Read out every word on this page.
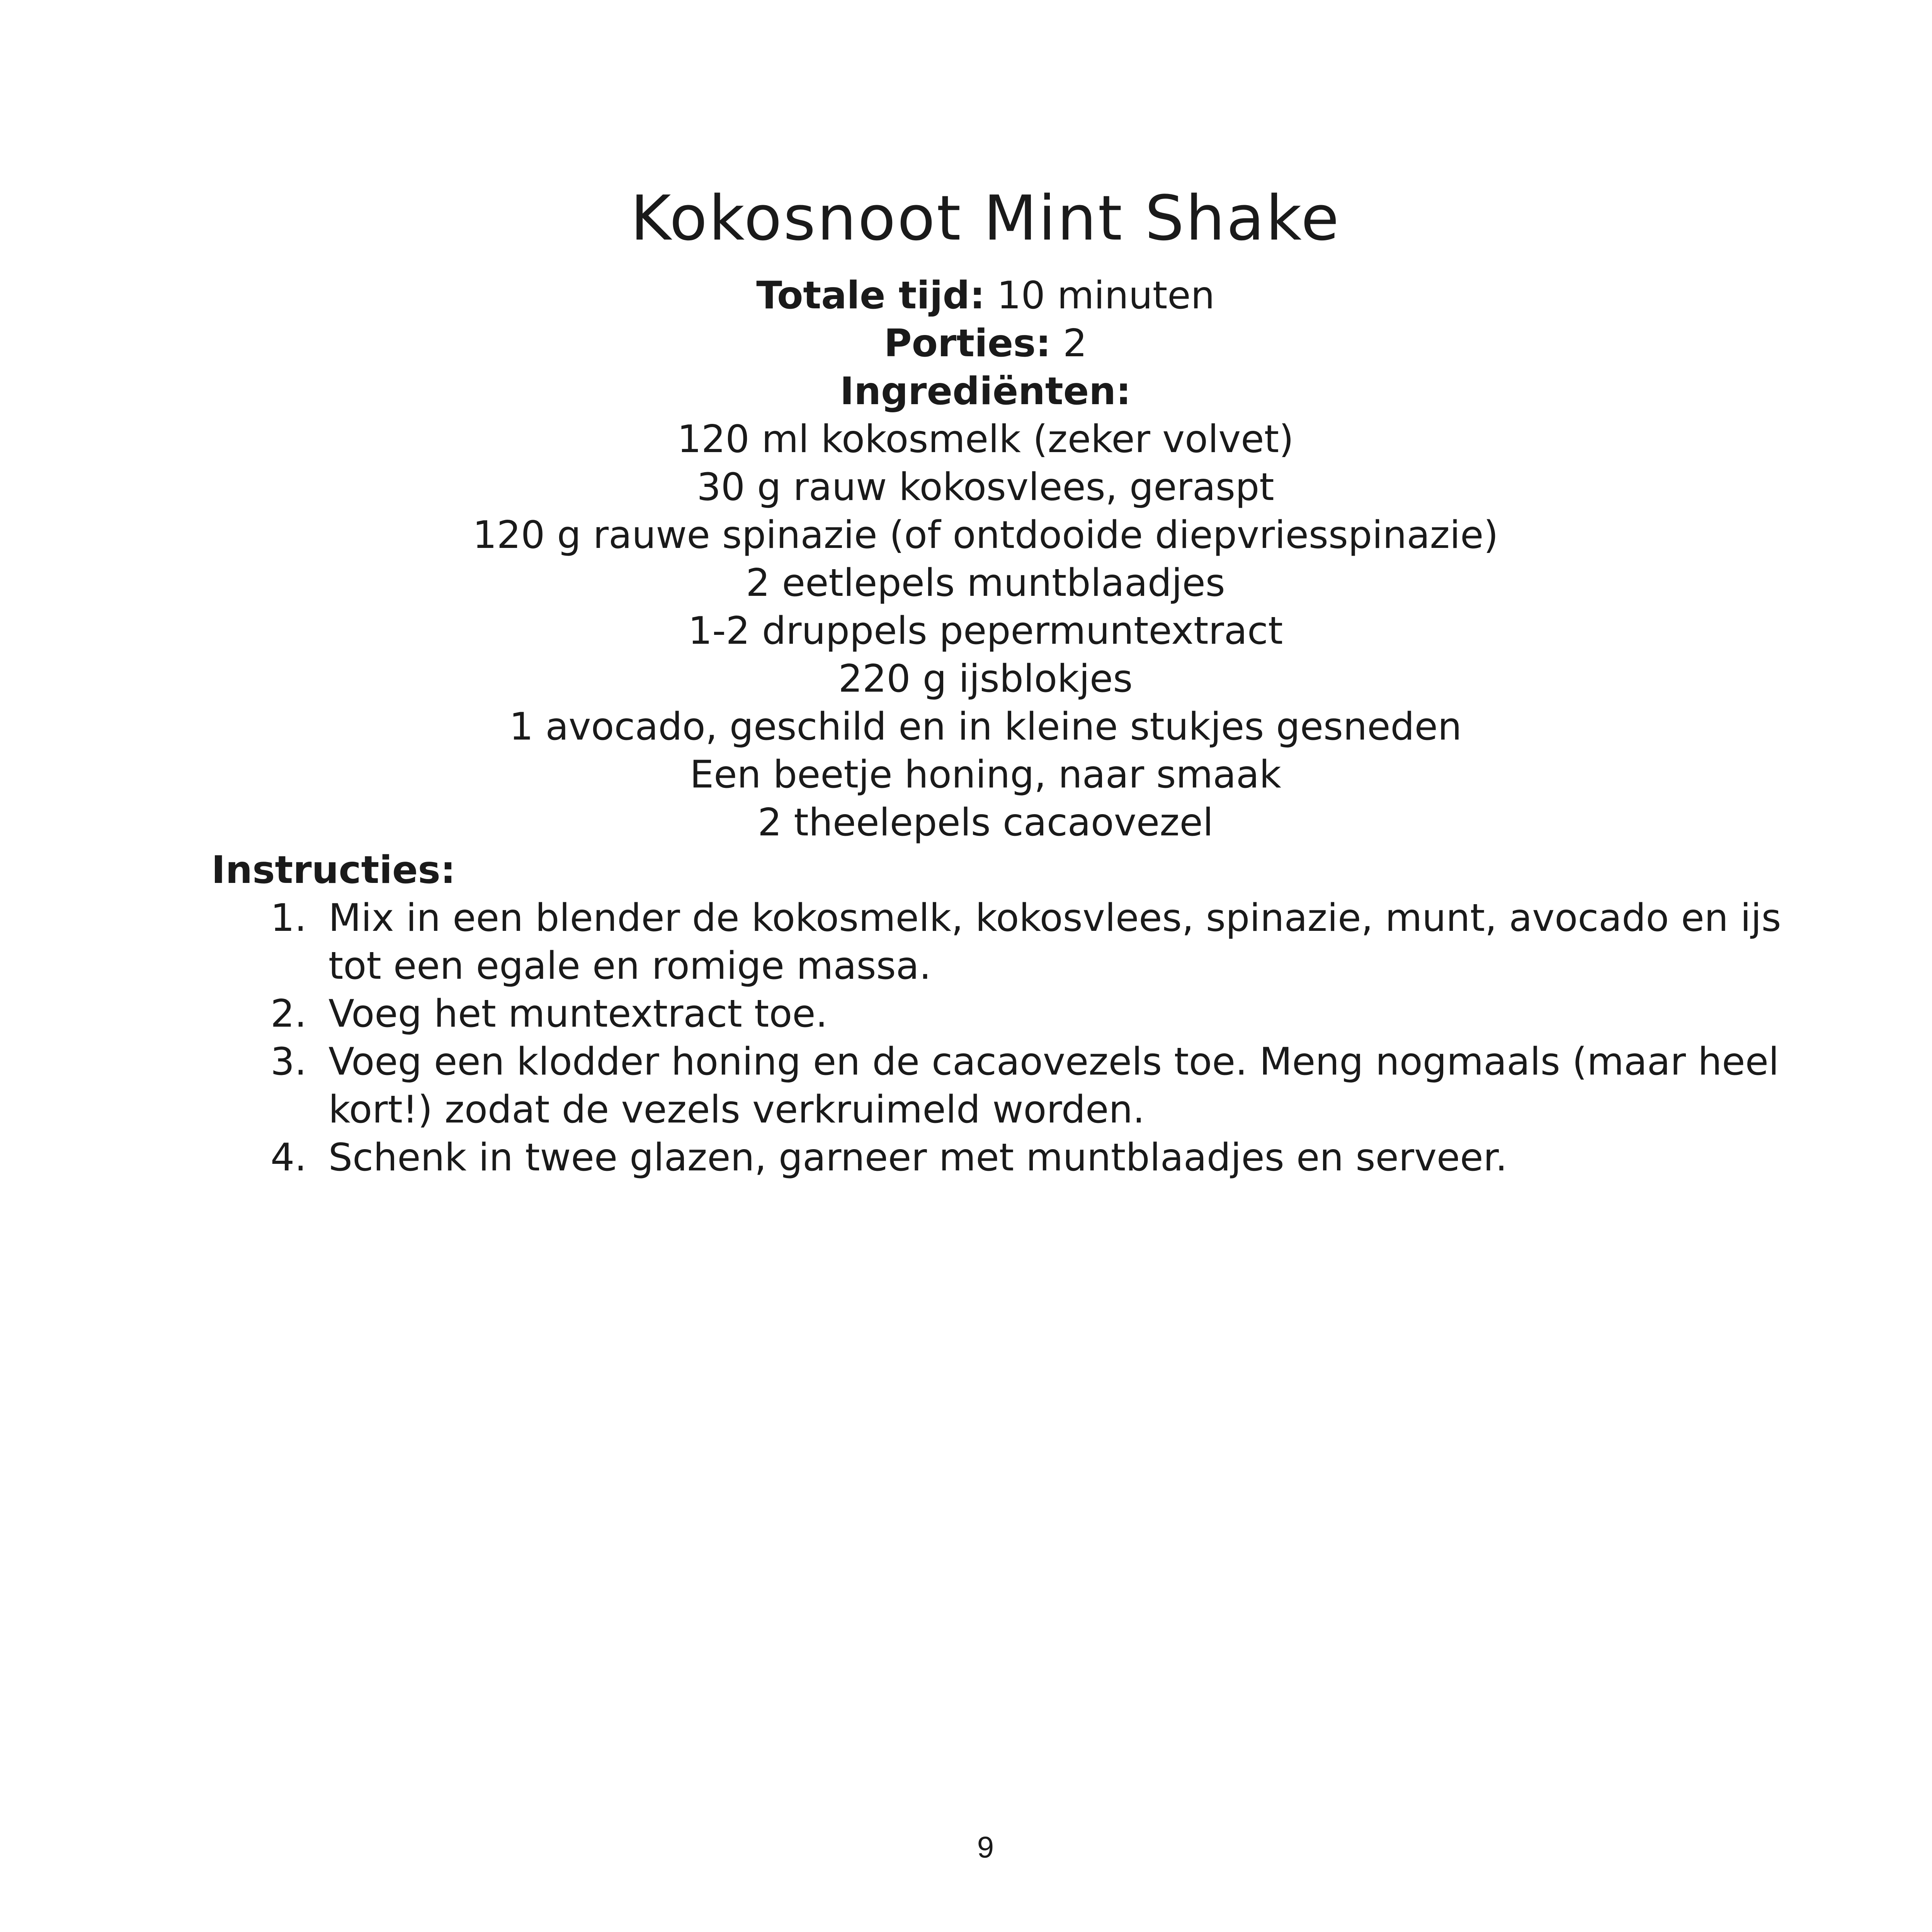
Kokosnoot Mint Shake
Totale tijd: 10 minuten
Porties: 2
Ingrediënten:
120 ml kokosmelk (zeker volvet)
30 g rauw kokosvlees, geraspt
120 g rauwe spinazie (of ontdooide diepvriesspinazie)
2 eetlepels muntblaadjes
1-2 druppels pepermuntextract
220 g ijsblokjes
1 avocado, geschild en in kleine stukjes gesneden
Een beetje honing, naar smaak
2 theelepels cacaovezel
Instructies:
1. Mix in een blender de kokosmelk, kokosvlees, spinazie, munt, avocado en ijs tot een egale en romige massa.
2. Voeg het muntextract toe.
3. Voeg een klodder honing en de cacaovezels toe. Meng nogmaals (maar heel kort!) zodat de vezels verkruimeld worden.
4. Schenk in twee glazen, garneer met muntblaadjes en serveer.
9
